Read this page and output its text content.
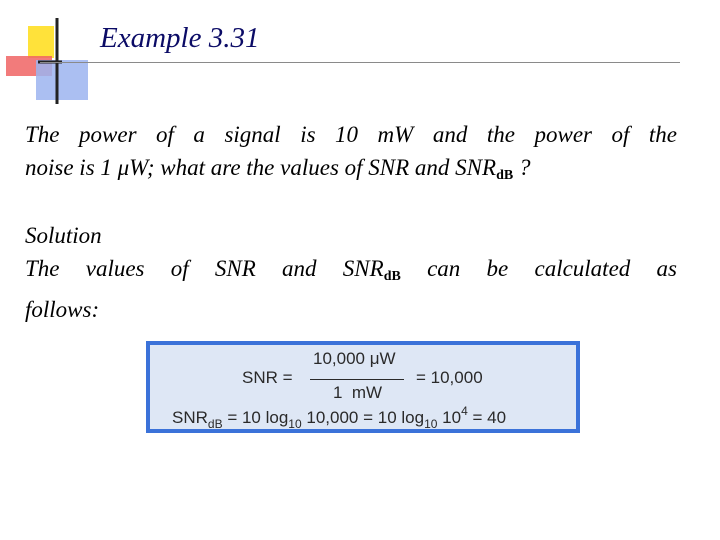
Example 3.31
The power of a signal is 10 mW and the power of the
noise is 1 μW; what are the values of SNR and $SNR_{dB}$ ?
Solution
The values of SNR and $SNR_{dB}$ can be calculated as
follows:
SNR =
10,000 μW
1  mW
= 10,000
$SNR_{dB} = 10$ $\log_{10} 10,000 = 10$ $\log_{10} 10^4 = 40$
